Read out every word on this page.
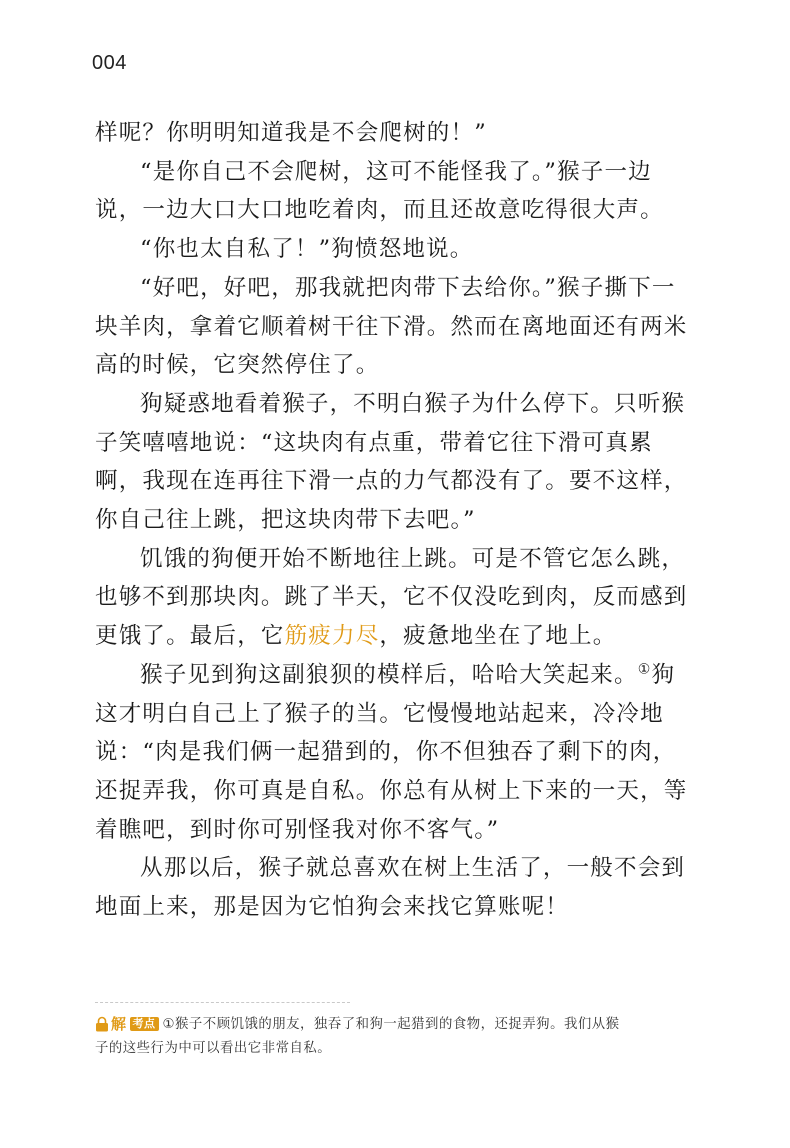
004
样呢？你明明知道我是不会爬树的！”
“是你自己不会爬树，这可不能怪我了。”猴子一边
说，一边大口大口地吃着肉，而且还故意吃得很大声。
“你也太自私了！”狗愤怒地说。
“好吧，好吧，那我就把肉带下去给你。”猴子撕下一
块羊肉，拿着它顺着树干往下滑。然而在离地面还有两米
高的时候，它突然停住了。
狗疑惑地看着猴子，不明白猴子为什么停下。只听猴
子笑嘻嘻地说：“这块肉有点重，带着它往下滑可真累
啊，我现在连再往下滑一点的力气都没有了。要不这样，
你自己往上跳，把这块肉带下去吧。”
饥饿的狗便开始不断地往上跳。可是不管它怎么跳，
也够不到那块肉。跳了半天，它不仅没吃到肉，反而感到
更饿了。最后，它筋疲力尽，疲惫地坐在了地上。
猴子见到狗这副狼狈的模样后，哈哈大笑起来。①狗
这才明白自己上了猴子的当。它慢慢地站起来，冷冷地
说：“肉是我们俩一起猎到的，你不但独吞了剩下的肉，
还捉弄我，你可真是自私。你总有从树上下来的一天，等
着瞧吧，到时你可别怪我对你不客气。”
从那以后，猴子就总喜欢在树上生活了，一般不会到
地面上来，那是因为它怕狗会来找它算账呢！
解 考点 ①猴子不顾饥饿的朋友，独吞了和狗一起猎到的食物，还捉弄狗。我们从猴
子的这些行为中可以看出它非常自私。
